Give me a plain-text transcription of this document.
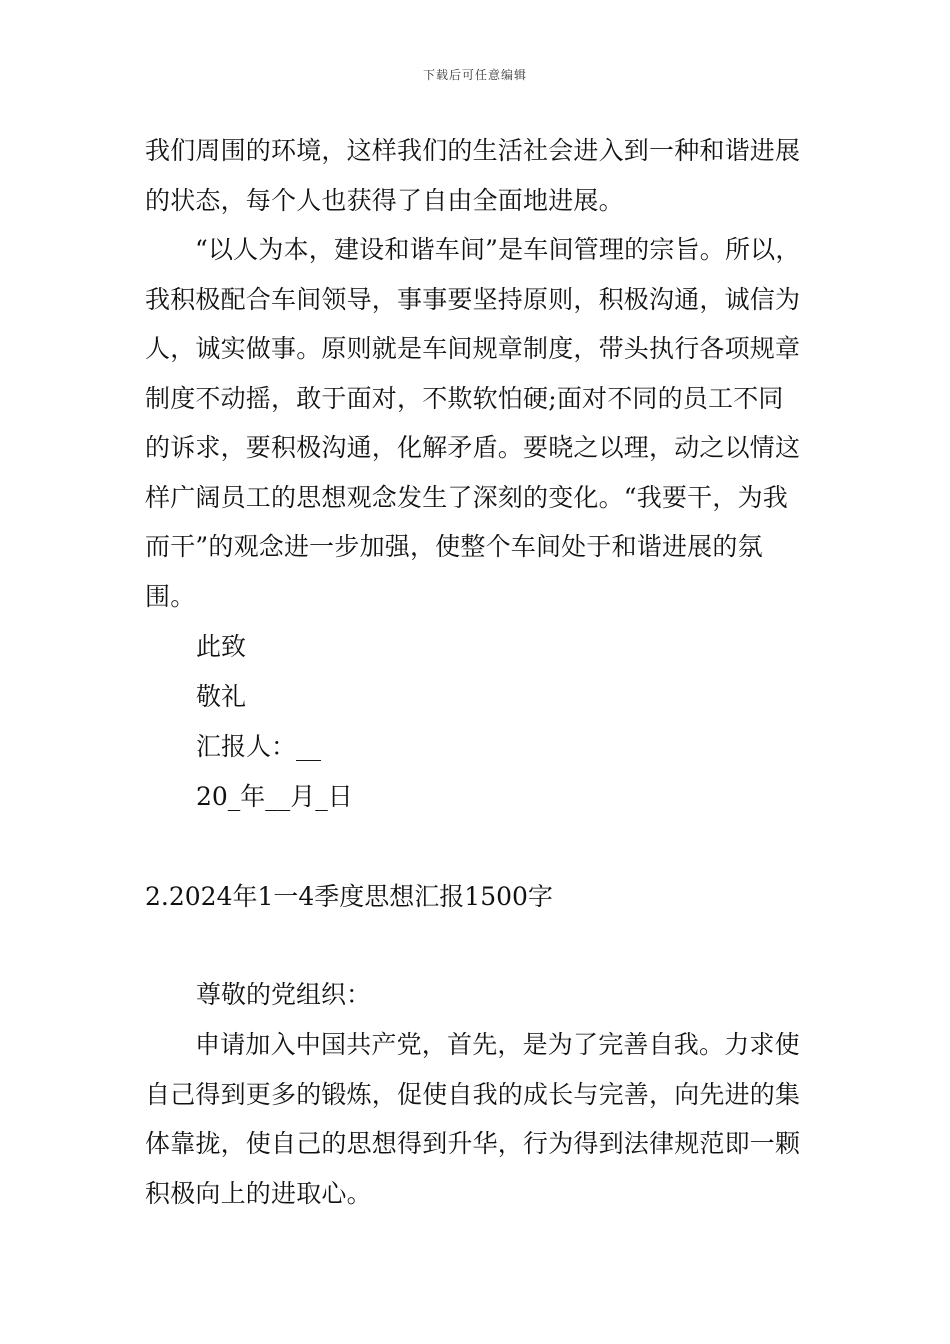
下载后可任意编辑
我们周围的环境，这样我们的生活社会进入到一种和谐进展的状态，每个人也获得了自由全面地进展。
“以人为本，建设和谐车间”是车间管理的宗旨。所以，我积极配合车间领导，事事要坚持原则，积极沟通，诚信为人，诚实做事。原则就是车间规章制度，带头执行各项规章制度不动摇，敢于面对，不欺软怕硬;面对不同的员工不同的诉求，要积极沟通，化解矛盾。要晓之以理，动之以情这样广阔员工的思想观念发生了深刻的变化。“我要干，为我而干”的观念进一步加强，使整个车间处于和谐进展的氛围。
此致
敬礼
汇报人：__
20_年__月_日
2.2024年1一4季度思想汇报1500字
尊敬的党组织：
申请加入中国共产党，首先，是为了完善自我。力求使自己得到更多的锻炼，促使自我的成长与完善，向先进的集体靠拢，使自己的思想得到升华，行为得到法律规范即一颗积极向上的进取心。
